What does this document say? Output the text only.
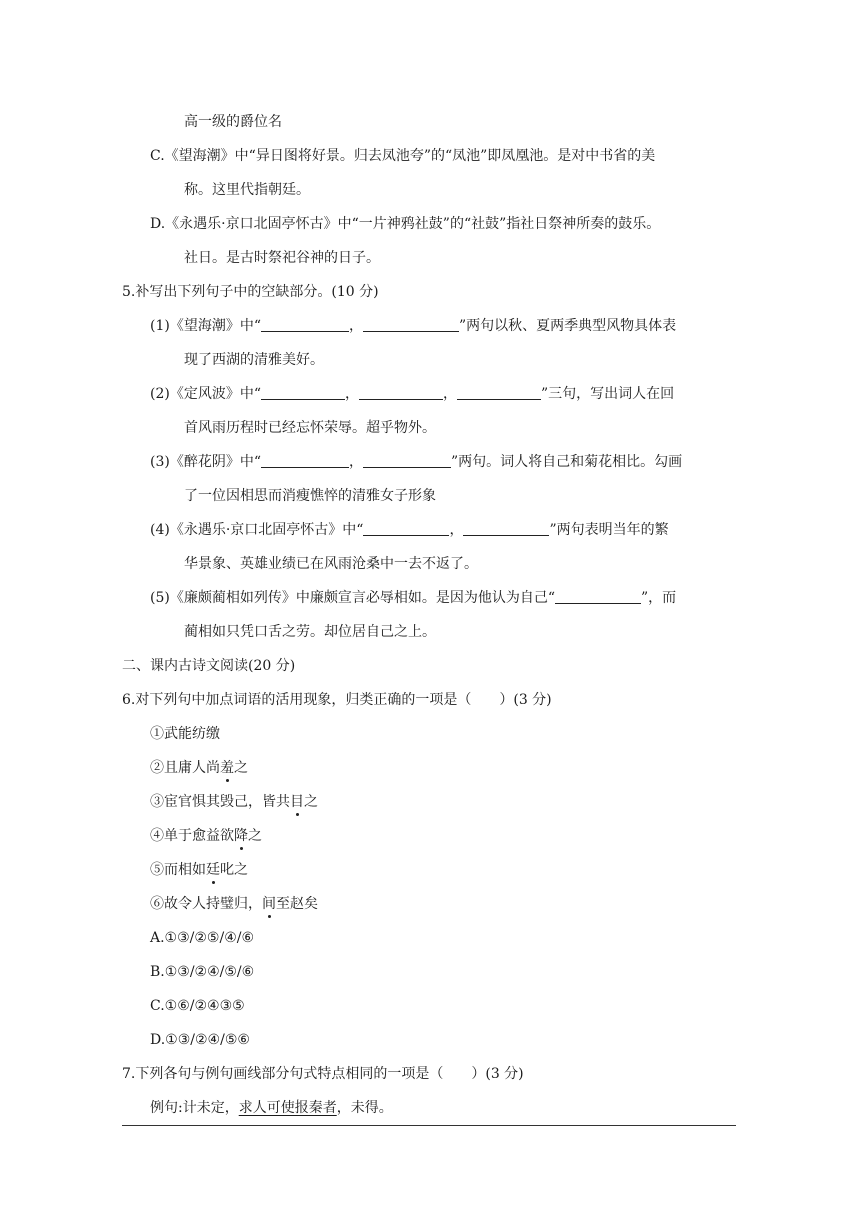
高一级的爵位名
C.《望海潮》中“异日图将好景。归去凤池夸”的“凤池”即凤凰池。是对中书省的美
称。这里代指朝廷。
D.《永遇乐·京口北固亭怀古》中“一片神鸦社鼓”的“社鼓”指社日祭神所奏的鼓乐。
社日。是古时祭祀谷神的日子。
5.补写出下列句子中的空缺部分。(10 分)
(1)《望海潮》中“	，	”两句以秋、夏两季典型风物具体表
现了西湖的清雅美好。
(2)《定风波》中“	，	，	”三句，写出词人在回
首风雨历程时已经忘怀荣辱。超乎物外。
(3)《醉花阴》中“	，	”两句。词人将自己和菊花相比。勾画
了一位因相思而消瘦憔悴的清雅女子形象
(4)《永遇乐·京口北固亭怀古》中“	，	”两句表明当年的繁
华景象、英雄业绩已在风雨沧桑中一去不返了。
(5)《廉颇蔺相如列传》中廉颇宣言必辱相如。是因为他认为自己“	”，而
蔺相如只凭口舌之劳。却位居自己之上。
二、课内古诗文阅读(20 分)
6.对下列句中加点词语的活用现象，归类正确的一项是（　　）(3 分)
①武能纺缴
②且庸人尚羞之
③宦官惧其毁己，皆共目之
④单于愈益欲降之
⑤而相如廷叱之
⑥故令人持璧归，间至赵矣
A.①③/②⑤/④/⑥
B.①③/②④/⑤/⑥
C.①⑥/②④③⑤
D.①③/②④/⑤⑥
7.下列各句与例句画线部分句式特点相同的一项是（　　）(3 分)
例句:计未定，求人可使报秦者，未得。
